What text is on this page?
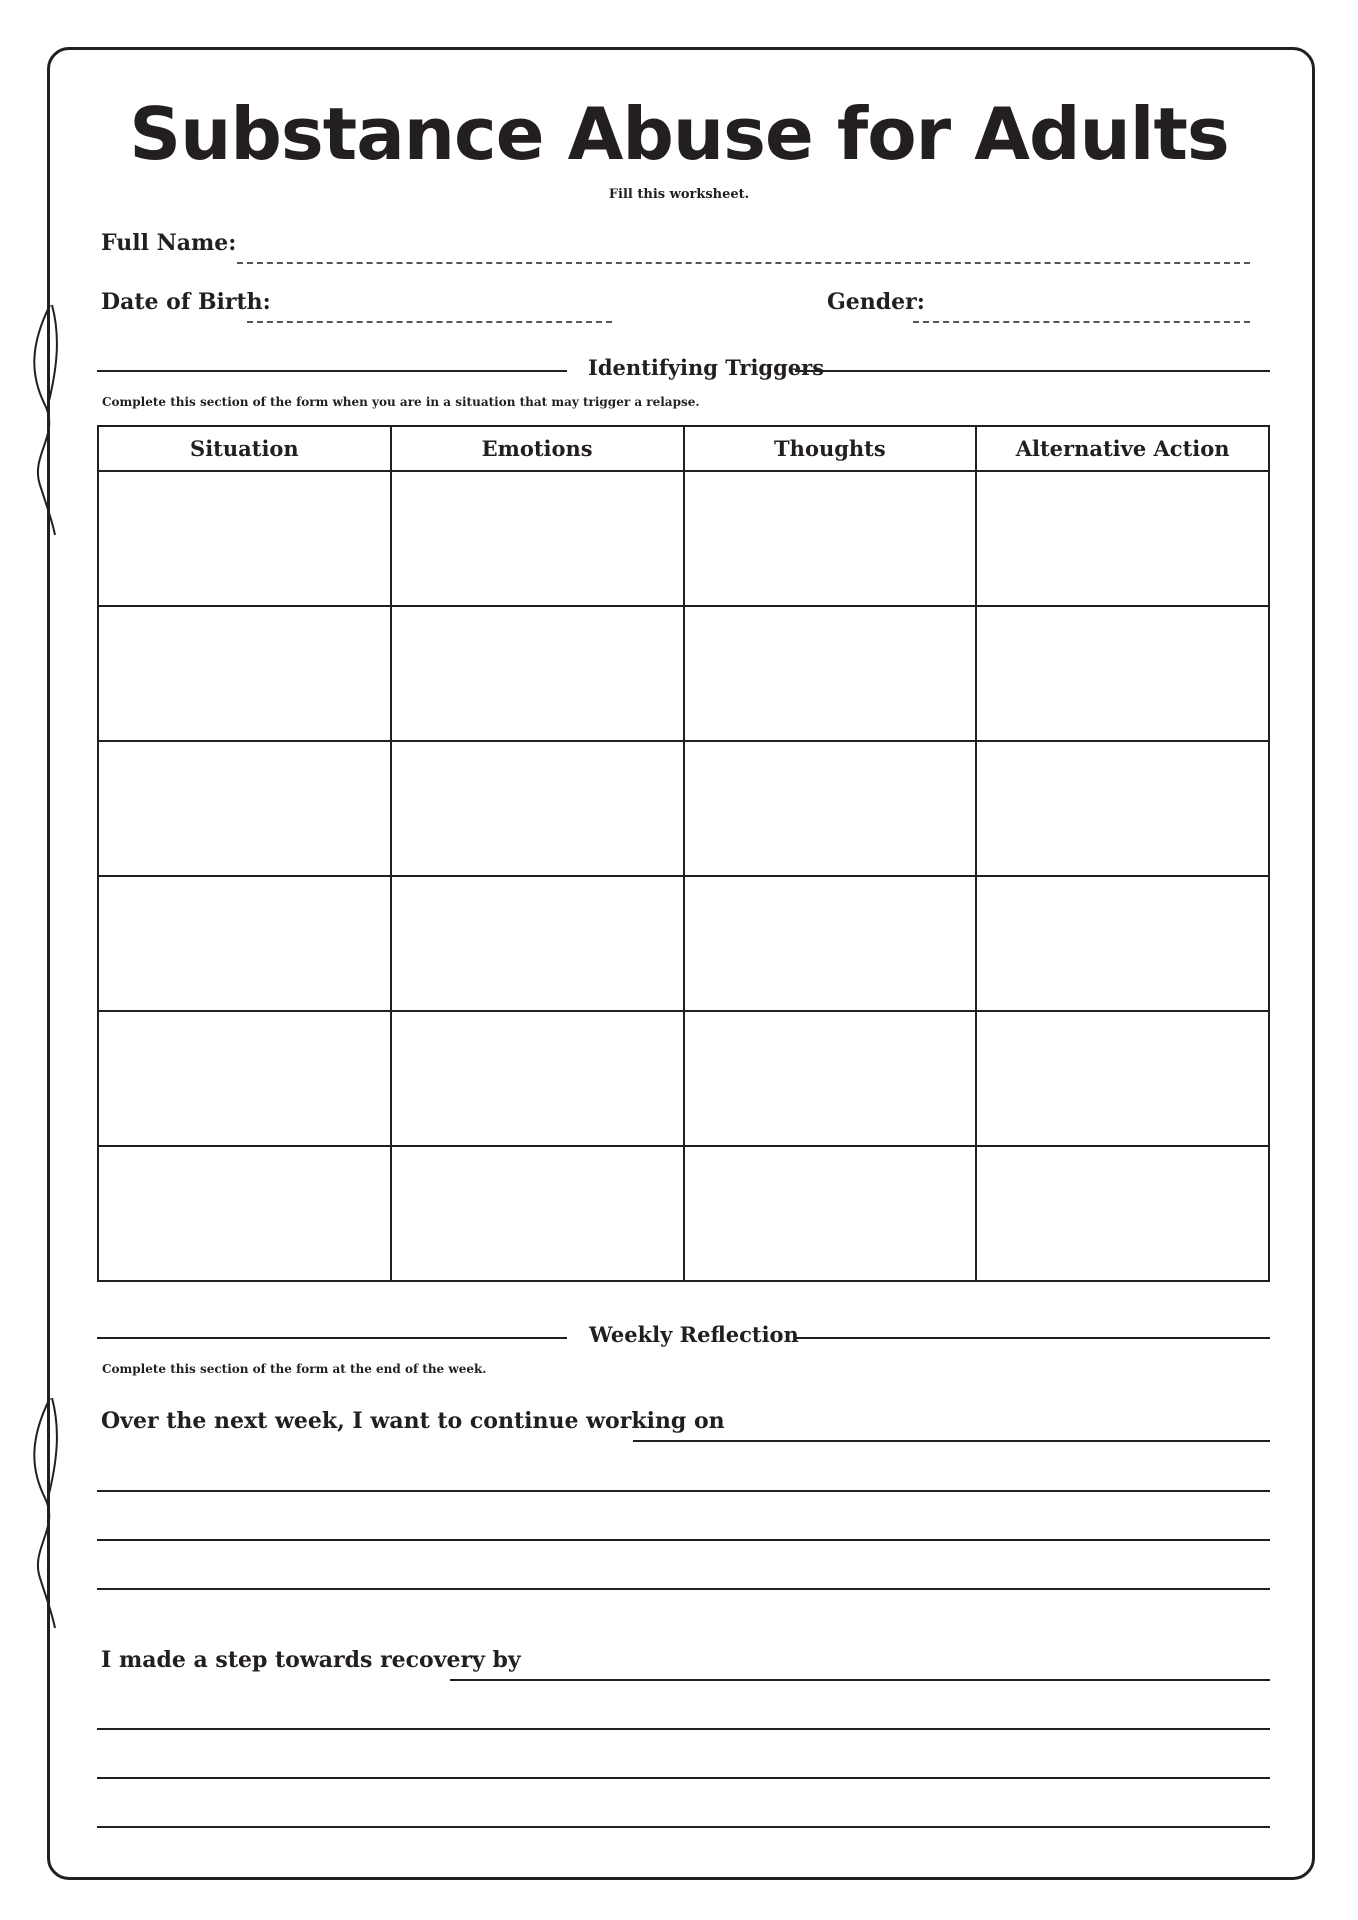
Substance Abuse for Adults
Fill this worksheet.
Full Name:
Date of Birth:	Gender:
Identifying Triggers
Complete this section of the form when you are in a situation that may trigger a relapse.
Situation	Emotions	Thoughts	Alternative Action

Weekly Reflection
Complete this section of the form at the end of the week.
Over the next week, I want to continue working on
I made a step towards recovery by
